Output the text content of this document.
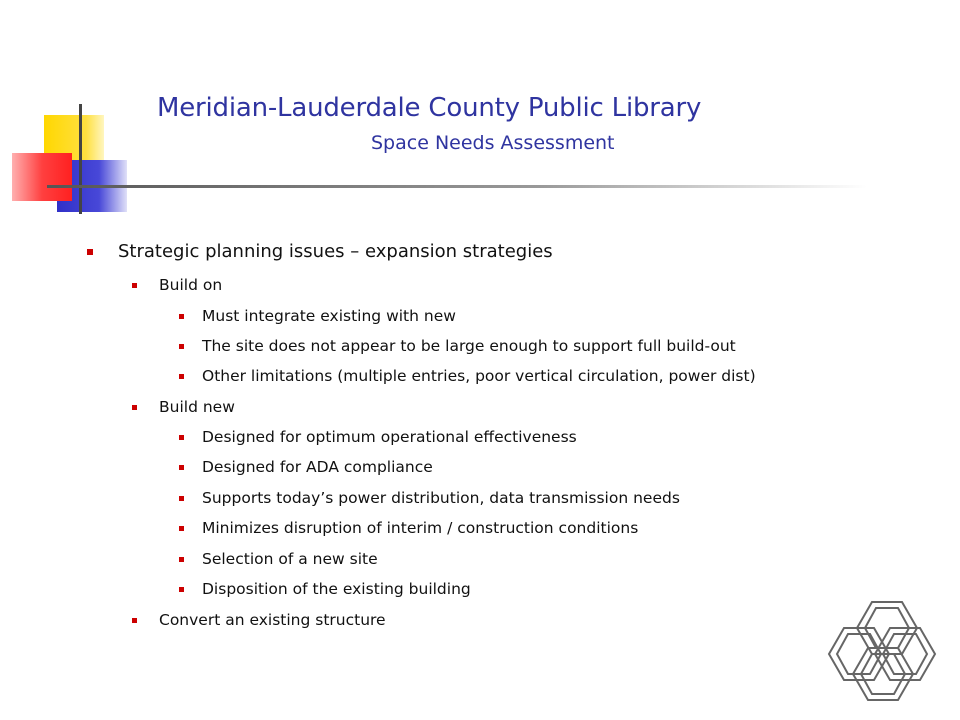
Meridian-Lauderdale County Public Library
Space Needs Assessment
Strategic planning issues – expansion strategies
Build on
Must integrate existing with new
The site does not appear to be large enough to support full build-out
Other limitations (multiple entries, poor vertical circulation, power dist)
Build new
Designed for optimum operational effectiveness
Designed for ADA compliance
Supports today’s power distribution, data transmission needs
Minimizes disruption of interim / construction conditions
Selection of a new site
Disposition of the existing building
Convert an existing structure
